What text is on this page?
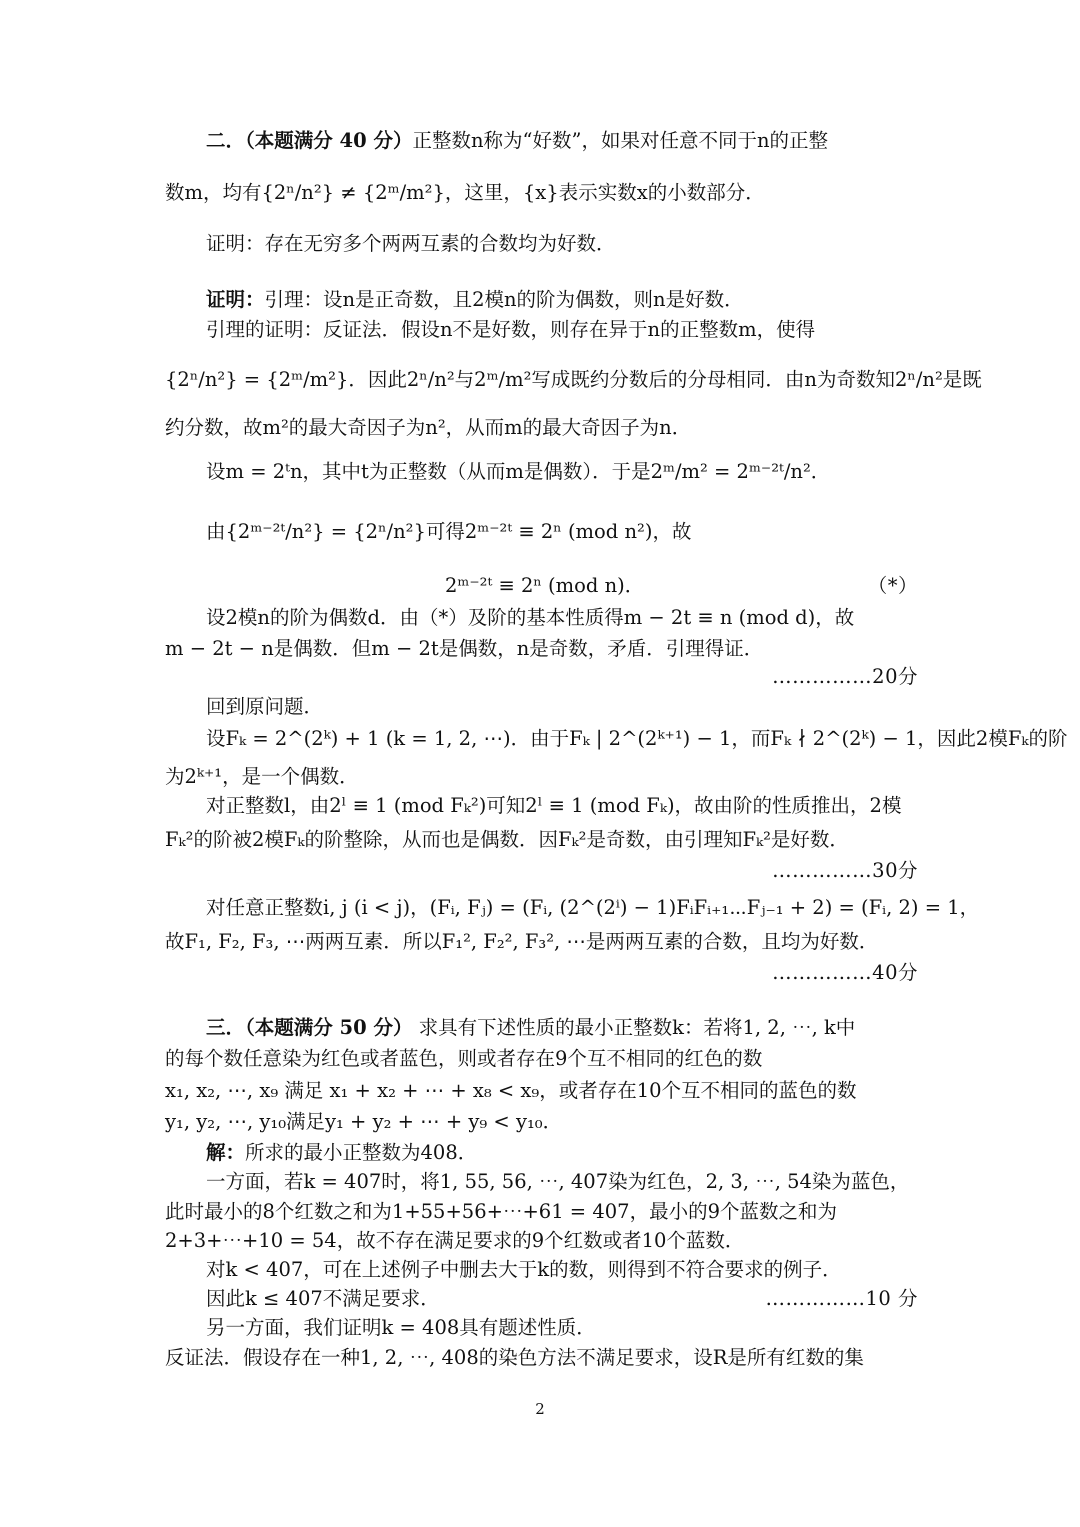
二．（本题满分 40 分）正整数n称为“好数”，如果对任意不同于n的正整
数m，均有{2ⁿ/n²} ≠ {2ᵐ/m²}，这里，{x}表示实数x的小数部分．
证明：存在无穷多个两两互素的合数均为好数．
证明：引理：设n是正奇数，且2模n的阶为偶数，则n是好数．
引理的证明：反证法．假设n不是好数，则存在异于n的正整数m，使得
{2ⁿ/n²} = {2ᵐ/m²}．因此2ⁿ/n²与2ᵐ/m²写成既约分数后的分母相同．由n为奇数知2ⁿ/n²是既
约分数，故m²的最大奇因子为n²，从而m的最大奇因子为n．
设m = 2ᵗn，其中t为正整数（从而m是偶数）．于是2ᵐ/m² = 2ᵐ⁻²ᵗ/n²．
由{2ᵐ⁻²ᵗ/n²} = {2ⁿ/n²}可得2ᵐ⁻²ᵗ ≡ 2ⁿ (mod n²)，故
2ᵐ⁻²ᵗ ≡ 2ⁿ (mod n)．
设2模n的阶为偶数d．由（*）及阶的基本性质得m − 2t ≡ n (mod d)，故
m − 2t − n是偶数．但m − 2t是偶数，n是奇数，矛盾．引理得证．
回到原问题．
设Fₖ = 2^(2ᵏ) + 1 (k = 1, 2, ⋯)．由于Fₖ | 2^(2ᵏ⁺¹) − 1，而Fₖ ∤ 2^(2ᵏ) − 1，因此2模Fₖ的阶
为2ᵏ⁺¹，是一个偶数．
对正整数l，由2ˡ ≡ 1 (mod Fₖ²)可知2ˡ ≡ 1 (mod Fₖ)，故由阶的性质推出，2模
Fₖ²的阶被2模Fₖ的阶整除，从而也是偶数．因Fₖ²是奇数，由引理知Fₖ²是好数．
对任意正整数i, j (i < j)，(Fᵢ, Fⱼ) = (Fᵢ, (2^(2ⁱ) − 1)FᵢFᵢ₊₁⋯Fⱼ₋₁ + 2) = (Fᵢ, 2) = 1，
故F₁, F₂, F₃, ⋯两两互素．所以F₁², F₂², F₃², ⋯是两两互素的合数，且均为好数．
三．（本题满分 50 分） 求具有下述性质的最小正整数k：若将1, 2, ⋯, k中
的每个数任意染为红色或者蓝色，则或者存在9个互不相同的红色的数
x₁, x₂, ⋯, x₉ 满足 x₁ + x₂ + ⋯ + x₈ < x₉，或者存在10个互不相同的蓝色的数
y₁, y₂, ⋯, y₁₀满足y₁ + y₂ + ⋯ + y₉ < y₁₀．
解：所求的最小正整数为408．
一方面，若k = 407时，将1, 55, 56, ⋯, 407染为红色，2, 3, ⋯, 54染为蓝色，
此时最小的8个红数之和为1+55+56+⋯+61 = 407，最小的9个蓝数之和为
2+3+⋯+10 = 54，故不存在满足要求的9个红数或者10个蓝数．
对k < 407，可在上述例子中删去大于k的数，则得到不符合要求的例子．
因此k ≤ 407不满足要求．
另一方面，我们证明k = 408具有题述性质．
反证法．假设存在一种1, 2, ⋯, 408的染色方法不满足要求，设R是所有红数的集
（*）
……………20分
……………30分
……………40分
……………10 分
2
